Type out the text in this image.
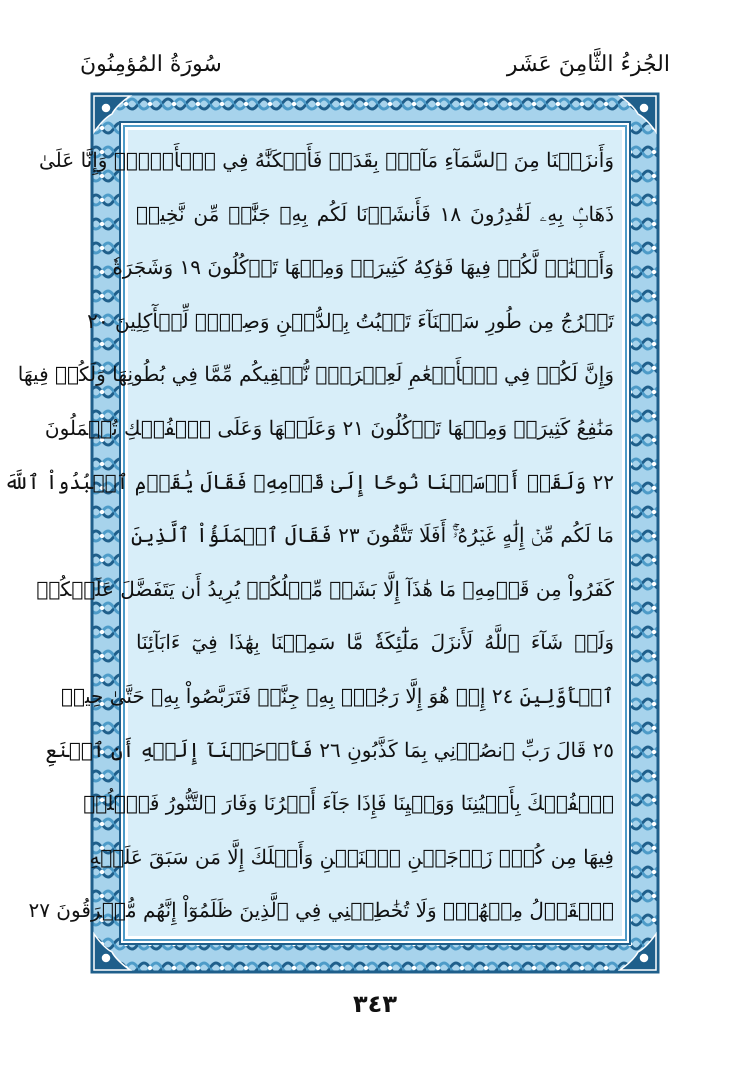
الجُزءُ الثَّامِنَ عَشَر
سُورَةُ المُؤمِنُونَ
وَأَنزَلۡنَا مِنَ ٱلسَّمَآءِ مَآءَۢ بِقَدَرٖ فَأَسۡكَنَّٰهُ فِي ٱلۡأَرۡضِۖ وَإِنَّا عَلَىٰ
ذَهَابِۢ بِهِۦ لَقَٰدِرُونَ ١٨ فَأَنشَأۡنَا لَكُم بِهِۦ جَنَّٰتٖ مِّن نَّخِيلٖ
وَأَعۡنَٰبٖ لَّكُمۡ فِيهَا فَوَٰكِهُ كَثِيرَةٞ وَمِنۡهَا تَأۡكُلُونَ ١٩ وَشَجَرَةٗ
تَخۡرُجُ مِن طُورِ سَيۡنَآءَ تَنۢبُتُ بِٱلدُّهۡنِ وَصِبۡغٖ لِّلۡأٓكِلِينَ ٢٠
وَإِنَّ لَكُمۡ فِي ٱلۡأَنۡعَٰمِ لَعِبۡرَةٗۖ نُّسۡقِيكُم مِّمَّا فِي بُطُونِهَا وَلَكُمۡ فِيهَا
مَنَٰفِعُ كَثِيرَةٞ وَمِنۡهَا تَأۡكُلُونَ ٢١ وَعَلَيۡهَا وَعَلَى ٱلۡفُلۡكِ تُحۡمَلُونَ
٢٢ وَلَقَدۡ أَرۡسَلۡنَا نُوحًا إِلَىٰ قَوۡمِهِۦ فَقَالَ يَٰقَوۡمِ ٱعۡبُدُواْ ٱللَّهَ
مَا لَكُم مِّنۡ إِلَٰهٍ غَيۡرُهُۥٓۚ أَفَلَا تَتَّقُونَ ٢٣ فَقَالَ ٱلۡمَلَؤُاْ ٱلَّذِينَ
كَفَرُواْ مِن قَوۡمِهِۦ مَا هَٰذَآ إِلَّا بَشَرٞ مِّثۡلُكُمۡ يُرِيدُ أَن يَتَفَضَّلَ عَلَيۡكُمۡ
وَلَوۡ شَآءَ ٱللَّهُ لَأَنزَلَ مَلَٰٓئِكَةٗ مَّا سَمِعۡنَا بِهَٰذَا فِيٓ ءَابَآئِنَا
ٱلۡأَوَّلِينَ ٢٤ إِنۡ هُوَ إِلَّا رَجُلُۢ بِهِۦ جِنَّةٞ فَتَرَبَّصُواْ بِهِۦ حَتَّىٰ حِينٖ
٢٥ قَالَ رَبِّ ٱنصُرۡنِي بِمَا كَذَّبُونِ ٢٦ فَأَوۡحَيۡنَآ إِلَيۡهِ أَنِ ٱصۡنَعِ
ٱلۡفُلۡكَ بِأَعۡيُنِنَا وَوَحۡيِنَا فَإِذَا جَآءَ أَمۡرُنَا وَفَارَ ٱلتَّنُّورُ فَٱسۡلُكۡ
فِيهَا مِن كُلّٖ زَوۡجَيۡنِ ٱثۡنَيۡنِ وَأَهۡلَكَ إِلَّا مَن سَبَقَ عَلَيۡهِ
ٱلۡقَوۡلُ مِنۡهُمۡۖ وَلَا تُخَٰطِبۡنِي فِي ٱلَّذِينَ ظَلَمُوٓاْ إِنَّهُم مُّغۡرَقُونَ ٢٧
٣٤٣
